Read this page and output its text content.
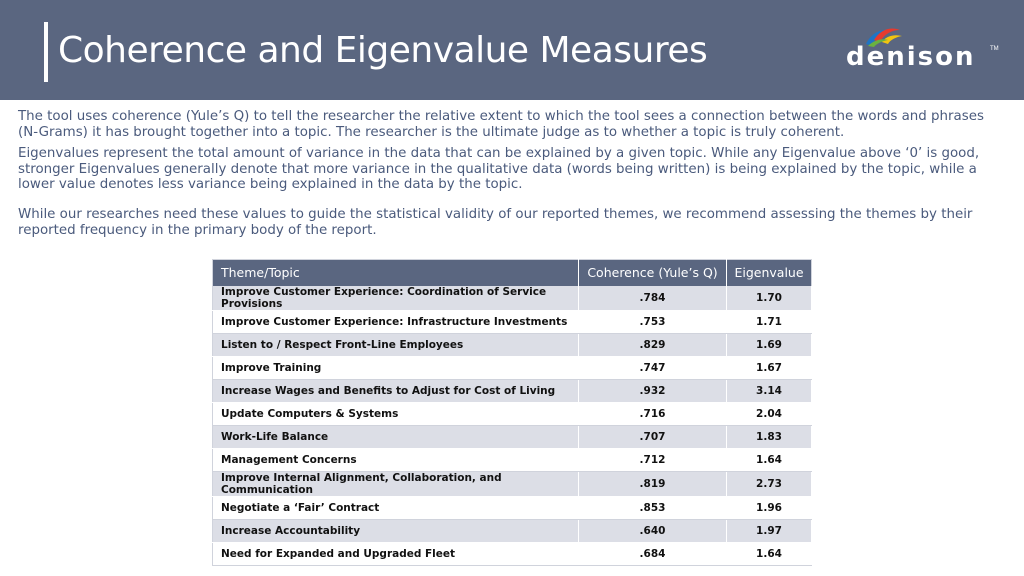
Coherence and Eigenvalue Measures	denison TM

The tool uses coherence (Yule’s Q) to tell the researcher the relative extent to which the tool sees a connection between the words and phrases (N-Grams) it has brought together into a topic. The researcher is the ultimate judge as to whether a topic is truly coherent.

Eigenvalues represent the total amount of variance in the data that can be explained by a given topic. While any Eigenvalue above ‘0’ is good, stronger Eigenvalues generally denote that more variance in the qualitative data (words being written) is being explained by the topic, while a lower value denotes less variance being explained in the data by the topic.

While our researches need these values to guide the statistical validity of our reported themes, we recommend assessing the themes by their reported frequency in the primary body of the report.

Theme/Topic	Coherence (Yule’s Q)	Eigenvalue
Improve Customer Experience: Coordination of Service Provisions	.784	1.70
Improve Customer Experience: Infrastructure Investments	.753	1.71
Listen to / Respect Front-Line Employees	.829	1.69
Improve Training	.747	1.67
Increase Wages and Benefits to Adjust for Cost of Living	.932	3.14
Update Computers & Systems	.716	2.04
Work-Life Balance	.707	1.83
Management Concerns	.712	1.64
Improve Internal Alignment, Collaboration, and Communication	.819	2.73
Negotiate a ‘Fair’ Contract	.853	1.96
Increase Accountability	.640	1.97
Need for Expanded and Upgraded Fleet	.684	1.64
